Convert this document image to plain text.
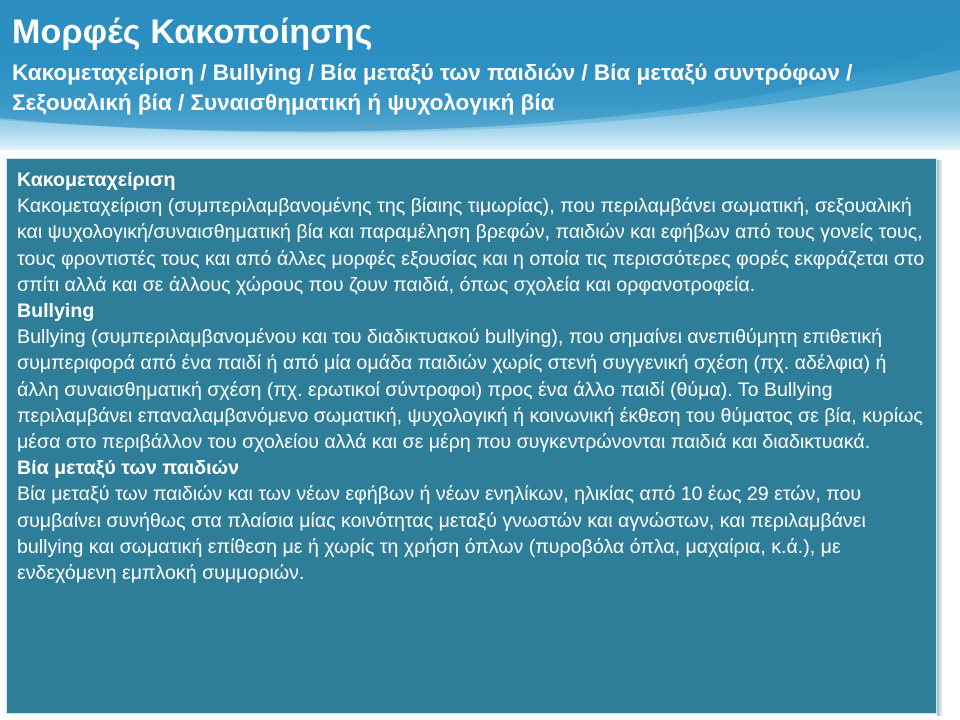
Μορφές Κακοποίησης

Κακομεταχείριση / Bullying / Βία μεταξύ των παιδιών / Βία μεταξύ συντρόφων / Σεξουαλική βία / Συναισθηματική ή ψυχολογική βία

Κακομεταχείριση

Κακομεταχείριση (συμπεριλαμβανομένης της βίαιης τιμωρίας), που περιλαμβάνει σωματική, σεξουαλική και ψυχολογική/συναισθηματική βία και παραμέληση βρεφών, παιδιών και εφήβων από τους γονείς τους, τους φροντιστές τους και από άλλες μορφές εξουσίας και η οποία τις περισσότερες φορές εκφράζεται στο σπίτι αλλά και σε άλλους χώρους που ζουν παιδιά, όπως σχολεία και ορφανοτροφεία.

Bullying

Bullying (συμπεριλαμβανομένου και του διαδικτυακού bullying), που σημαίνει ανεπιθύμητη επιθετική συμπεριφορά από ένα παιδί ή από μία ομάδα παιδιών χωρίς στενή συγγενική σχέση (πχ. αδέλφια) ή άλλη συναισθηματική σχέση (πχ. ερωτικοί σύντροφοι) προς ένα άλλο παιδί (θύμα). Το Bullying περιλαμβάνει επαναλαμβανόμενο σωματική, ψυχολογική ή κοινωνική έκθεση του θύματος σε βία, κυρίως μέσα στο περιβάλλον του σχολείου αλλά και σε μέρη που συγκεντρώνονται παιδιά και διαδικτυακά.

Βία μεταξύ των παιδιών

Βία μεταξύ των παιδιών και των νέων εφήβων ή νέων ενηλίκων, ηλικίας από 10 έως 29 ετών, που συμβαίνει συνήθως στα πλαίσια μίας κοινότητας μεταξύ γνωστών και αγνώστων, και περιλαμβάνει bullying και σωματική επίθεση με ή χωρίς τη χρήση όπλων (πυροβόλα όπλα, μαχαίρια, κ.ά.), με ενδεχόμενη εμπλοκή συμμοριών.
